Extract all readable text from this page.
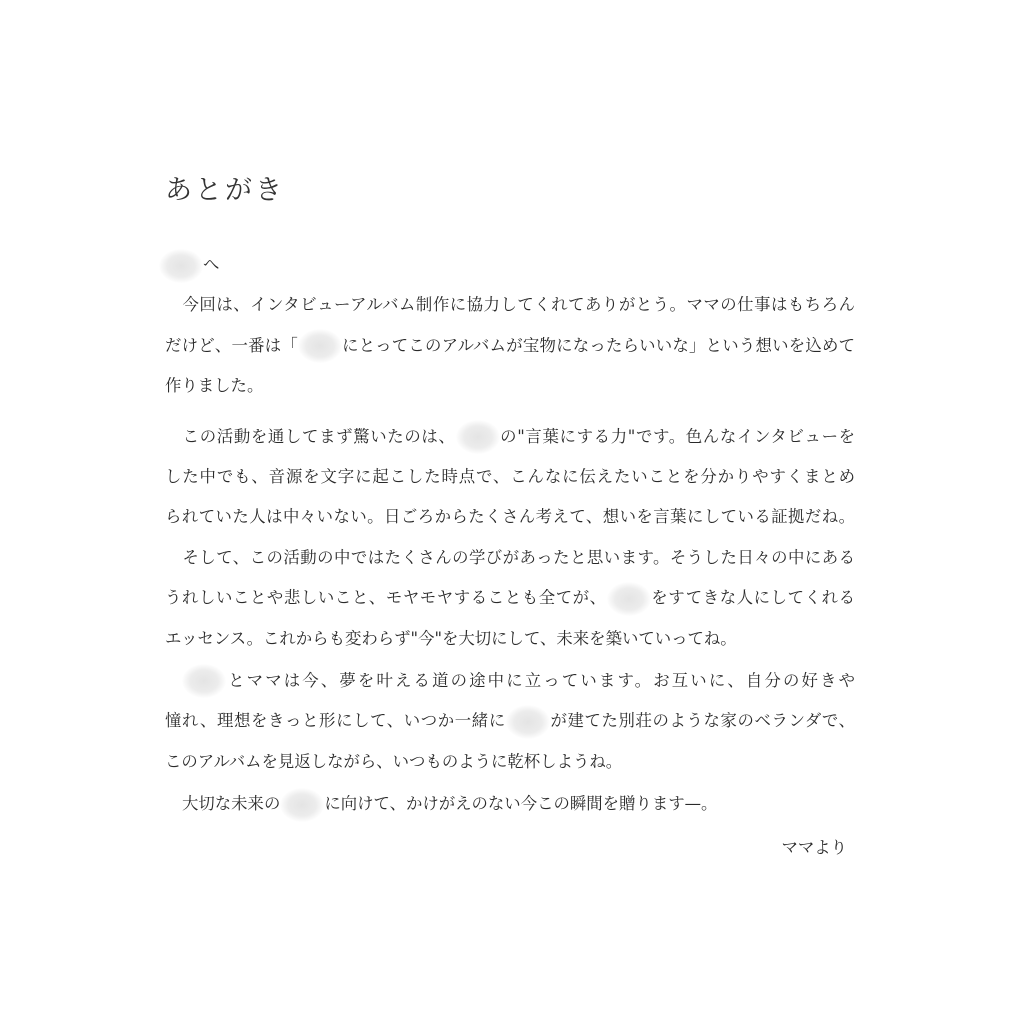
あとがき
へ
今回は、インタビューアルバム制作に協力してくれてありがとう。ママの仕事はもちろん
だけど、一番は「	にとってこのアルバムが宝物になったらいいな」という想いを込めて
作りました。
この活動を通してまず驚いたのは、	の"言葉にする力"です。色んなインタビューを
した中でも、音源を文字に起こした時点で、こんなに伝えたいことを分かりやすくまとめ
られていた人は中々いない。日ごろからたくさん考えて、想いを言葉にしている証拠だね。
そして、この活動の中ではたくさんの学びがあったと思います。そうした日々の中にある
うれしいことや悲しいこと、モヤモヤすることも全てが、	をすてきな人にしてくれる
エッセンス。これからも変わらず"今"を大切にして、未来を築いていってね。
とママは今、夢を叶える道の途中に立っています。お互いに、自分の好きや
憧れ、理想をきっと形にして、いつか一緒に	が建てた別荘のような家のベランダで、
このアルバムを見返しながら、いつものように乾杯しようね。
大切な未来の	に向けて、かけがえのない今この瞬間を贈ります—。
ママより
